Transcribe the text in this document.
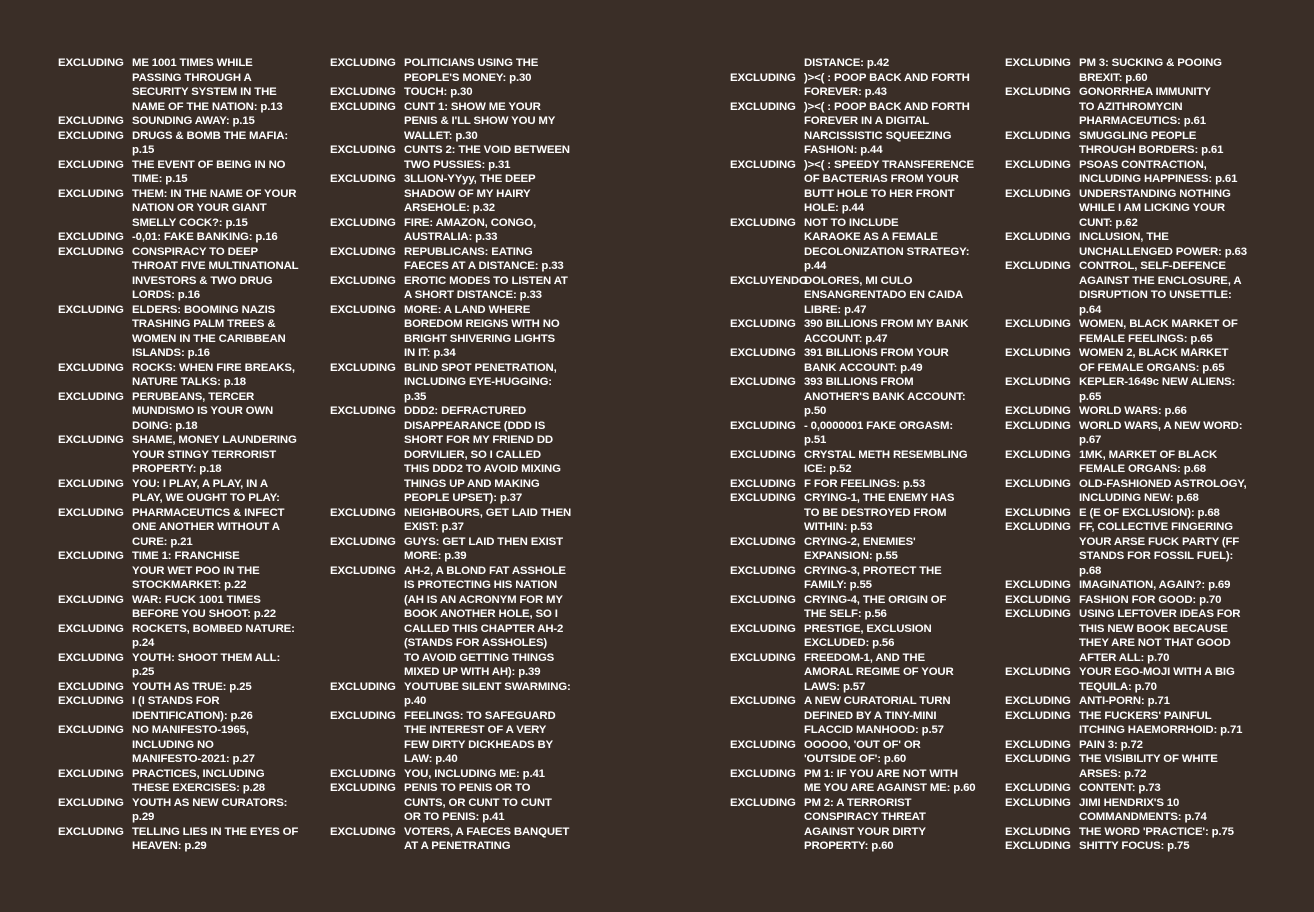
EXCLUDING ME 1001 TIMES WHILE
PASSING THROUGH A
SECURITY SYSTEM IN THE
NAME OF THE NATION: p.13
EXCLUDING SOUNDING AWAY: p.15
EXCLUDING DRUGS & BOMB THE MAFIA:
p.15
EXCLUDING THE EVENT OF BEING IN NO
TIME: p.15
EXCLUDING THEM: IN THE NAME OF YOUR
NATION OR YOUR GIANT
SMELLY COCK?: p.15
EXCLUDING -0,01: FAKE BANKING: p.16
EXCLUDING CONSPIRACY TO DEEP
THROAT FIVE MULTINATIONAL
INVESTORS & TWO DRUG
LORDS: p.16
EXCLUDING ELDERS: BOOMING NAZIS
TRASHING PALM TREES &
WOMEN IN THE CARIBBEAN
ISLANDS: p.16
EXCLUDING ROCKS: WHEN FIRE BREAKS,
NATURE TALKS: p.18
EXCLUDING PERUBEANS, TERCER
MUNDISMO IS YOUR OWN
DOING: p.18
EXCLUDING SHAME, MONEY LAUNDERING
YOUR STINGY TERRORIST
PROPERTY: p.18
EXCLUDING YOU: I PLAY, A PLAY, IN A
PLAY, WE OUGHT TO PLAY:
EXCLUDING PHARMACEUTICS & INFECT
ONE ANOTHER WITHOUT A
CURE: p.21
EXCLUDING TIME 1: FRANCHISE
YOUR WET POO IN THE
STOCKMARKET: p.22
EXCLUDING WAR: FUCK 1001 TIMES
BEFORE YOU SHOOT: p.22
EXCLUDING ROCKETS, BOMBED NATURE:
p.24
EXCLUDING YOUTH: SHOOT THEM ALL:
p.25
EXCLUDING YOUTH AS TRUE: p.25
EXCLUDING I (I STANDS FOR
IDENTIFICATION): p.26
EXCLUDING NO MANIFESTO-1965,
INCLUDING NO
MANIFESTO-2021: p.27
EXCLUDING PRACTICES, INCLUDING
THESE EXERCISES: p.28
EXCLUDING YOUTH AS NEW CURATORS:
p.29
EXCLUDING TELLING LIES IN THE EYES OF
HEAVEN: p.29
EXCLUDING POLITICIANS USING THE
PEOPLE'S MONEY: p.30
EXCLUDING TOUCH: p.30
EXCLUDING CUNT 1: SHOW ME YOUR
PENIS & I'LL SHOW YOU MY
WALLET: p.30
EXCLUDING CUNTS 2: THE VOID BETWEEN
TWO PUSSIES: p.31
EXCLUDING 3LLION-YYyy, THE DEEP
SHADOW OF MY HAIRY
ARSEHOLE: p.32
EXCLUDING FIRE: AMAZON, CONGO,
AUSTRALIA: p.33
EXCLUDING REPUBLICANS: EATING
FAECES AT A DISTANCE: p.33
EXCLUDING EROTIC MODES TO LISTEN AT
A SHORT DISTANCE: p.33
EXCLUDING MORE: A LAND WHERE
BOREDOM REIGNS WITH NO
BRIGHT SHIVERING LIGHTS
IN IT: p.34
EXCLUDING BLIND SPOT PENETRATION,
INCLUDING EYE-HUGGING:
p.35
EXCLUDING DDD2: DEFRACTURED
DISAPPEARANCE (DDD IS
SHORT FOR MY FRIEND DD
DORVILIER, SO I CALLED
THIS DDD2 TO AVOID MIXING
THINGS UP AND MAKING
PEOPLE UPSET): p.37
EXCLUDING NEIGHBOURS, GET LAID THEN
EXIST: p.37
EXCLUDING GUYS: GET LAID THEN EXIST
MORE: p.39
EXCLUDING AH-2, A BLOND FAT ASSHOLE
IS PROTECTING HIS NATION
(AH IS AN ACRONYM FOR MY
BOOK ANOTHER HOLE, SO I
CALLED THIS CHAPTER AH-2
(STANDS FOR ASSHOLES)
TO AVOID GETTING THINGS
MIXED UP WITH AH): p.39
EXCLUDING YOUTUBE SILENT SWARMING:
p.40
EXCLUDING FEELINGS: TO SAFEGUARD
THE INTEREST OF A VERY
FEW DIRTY DICKHEADS BY
LAW: p.40
EXCLUDING YOU, INCLUDING ME: p.41
EXCLUDING PENIS TO PENIS OR TO
CUNTS, OR CUNT TO CUNT
OR TO PENIS: p.41
EXCLUDING VOTERS, A FAECES BANQUET
AT A PENETRATING
DISTANCE: p.42
EXCLUDING )><( : POOP BACK AND FORTH
FOREVER: p.43
EXCLUDING )><( : POOP BACK AND FORTH
FOREVER IN A DIGITAL
NARCISSISTIC SQUEEZING
FASHION: p.44
EXCLUDING )><( : SPEEDY TRANSFERENCE
OF BACTERIAS FROM YOUR
BUTT HOLE TO HER FRONT
HOLE: p.44
EXCLUDING NOT TO INCLUDE
KARAOKE AS A FEMALE
DECOLONIZATION STRATEGY:
p.44
EXCLUYENDO
DOLORES, MI CULO
ENSANGRENTADO EN CAIDA
LIBRE: p.47
EXCLUDING 390 BILLIONS FROM MY BANK
ACCOUNT: p.47
EXCLUDING 391 BILLIONS FROM YOUR
BANK ACCOUNT: p.49
EXCLUDING 393 BILLIONS FROM
ANOTHER'S BANK ACCOUNT:
p.50
EXCLUDING - 0,0000001 FAKE ORGASM:
p.51
EXCLUDING CRYSTAL METH RESEMBLING
ICE: p.52
EXCLUDING F FOR FEELINGS: p.53
EXCLUDING CRYING-1, THE ENEMY HAS
TO BE DESTROYED FROM
WITHIN: p.53
EXCLUDING CRYING-2, ENEMIES'
EXPANSION: p.55
EXCLUDING CRYING-3, PROTECT THE
FAMILY: p.55
EXCLUDING CRYING-4, THE ORIGIN OF
THE SELF: p.56
EXCLUDING PRESTIGE, EXCLUSION
EXCLUDED: p.56
EXCLUDING FREEDOM-1, AND THE
AMORAL REGIME OF YOUR
LAWS: p.57
EXCLUDING A NEW CURATORIAL TURN
DEFINED BY A TINY-MINI
FLACCID MANHOOD: p.57
EXCLUDING OOOOO, 'OUT OF' OR
'OUTSIDE OF': p.60
EXCLUDING PM 1: IF YOU ARE NOT WITH
ME YOU ARE AGAINST ME: p.60
EXCLUDING PM 2: A TERRORIST
CONSPIRACY THREAT
AGAINST YOUR DIRTY
PROPERTY: p.60
EXCLUDING PM 3: SUCKING & POOING
BREXIT: p.60
EXCLUDING GONORRHEA IMMUNITY
TO AZITHROMYCIN
PHARMACEUTICS: p.61
EXCLUDING SMUGGLING PEOPLE
THROUGH BORDERS: p.61
EXCLUDING PSOAS CONTRACTION,
INCLUDING HAPPINESS: p.61
EXCLUDING UNDERSTANDING NOTHING
WHILE I AM LICKING YOUR
CUNT: p.62
EXCLUDING INCLUSION, THE
UNCHALLENGED POWER: p.63
EXCLUDING CONTROL, SELF-DEFENCE
AGAINST THE ENCLOSURE, A
DISRUPTION TO UNSETTLE:
p.64
EXCLUDING WOMEN, BLACK MARKET OF
FEMALE FEELINGS: p.65
EXCLUDING WOMEN 2, BLACK MARKET
OF FEMALE ORGANS: p.65
EXCLUDING KEPLER-1649c NEW ALIENS:
p.65
EXCLUDING WORLD WARS: p.66
EXCLUDING WORLD WARS, A NEW WORD:
p.67
EXCLUDING 1MK, MARKET OF BLACK
FEMALE ORGANS: p.68
EXCLUDING OLD-FASHIONED ASTROLOGY,
INCLUDING NEW: p.68
EXCLUDING E (E OF EXCLUSION): p.68
EXCLUDING FF, COLLECTIVE FINGERING
YOUR ARSE FUCK PARTY (FF
STANDS FOR FOSSIL FUEL):
p.68
EXCLUDING IMAGINATION, AGAIN?: p.69
EXCLUDING FASHION FOR GOOD: p.70
EXCLUDING USING LEFTOVER IDEAS FOR
THIS NEW BOOK BECAUSE
THEY ARE NOT THAT GOOD
AFTER ALL: p.70
EXCLUDING YOUR EGO-MOJI WITH A BIG
TEQUILA: p.70
EXCLUDING ANTI-PORN: p.71
EXCLUDING THE FUCKERS' PAINFUL
ITCHING HAEMORRHOID: p.71
EXCLUDING PAIN 3: p.72
EXCLUDING THE VISIBILITY OF WHITE
ARSES: p.72
EXCLUDING CONTENT: p.73
EXCLUDING JIMI HENDRIX'S 10
COMMANDMENTS: p.74
EXCLUDING THE WORD 'PRACTICE': p.75
EXCLUDING SHITTY FOCUS: p.75
